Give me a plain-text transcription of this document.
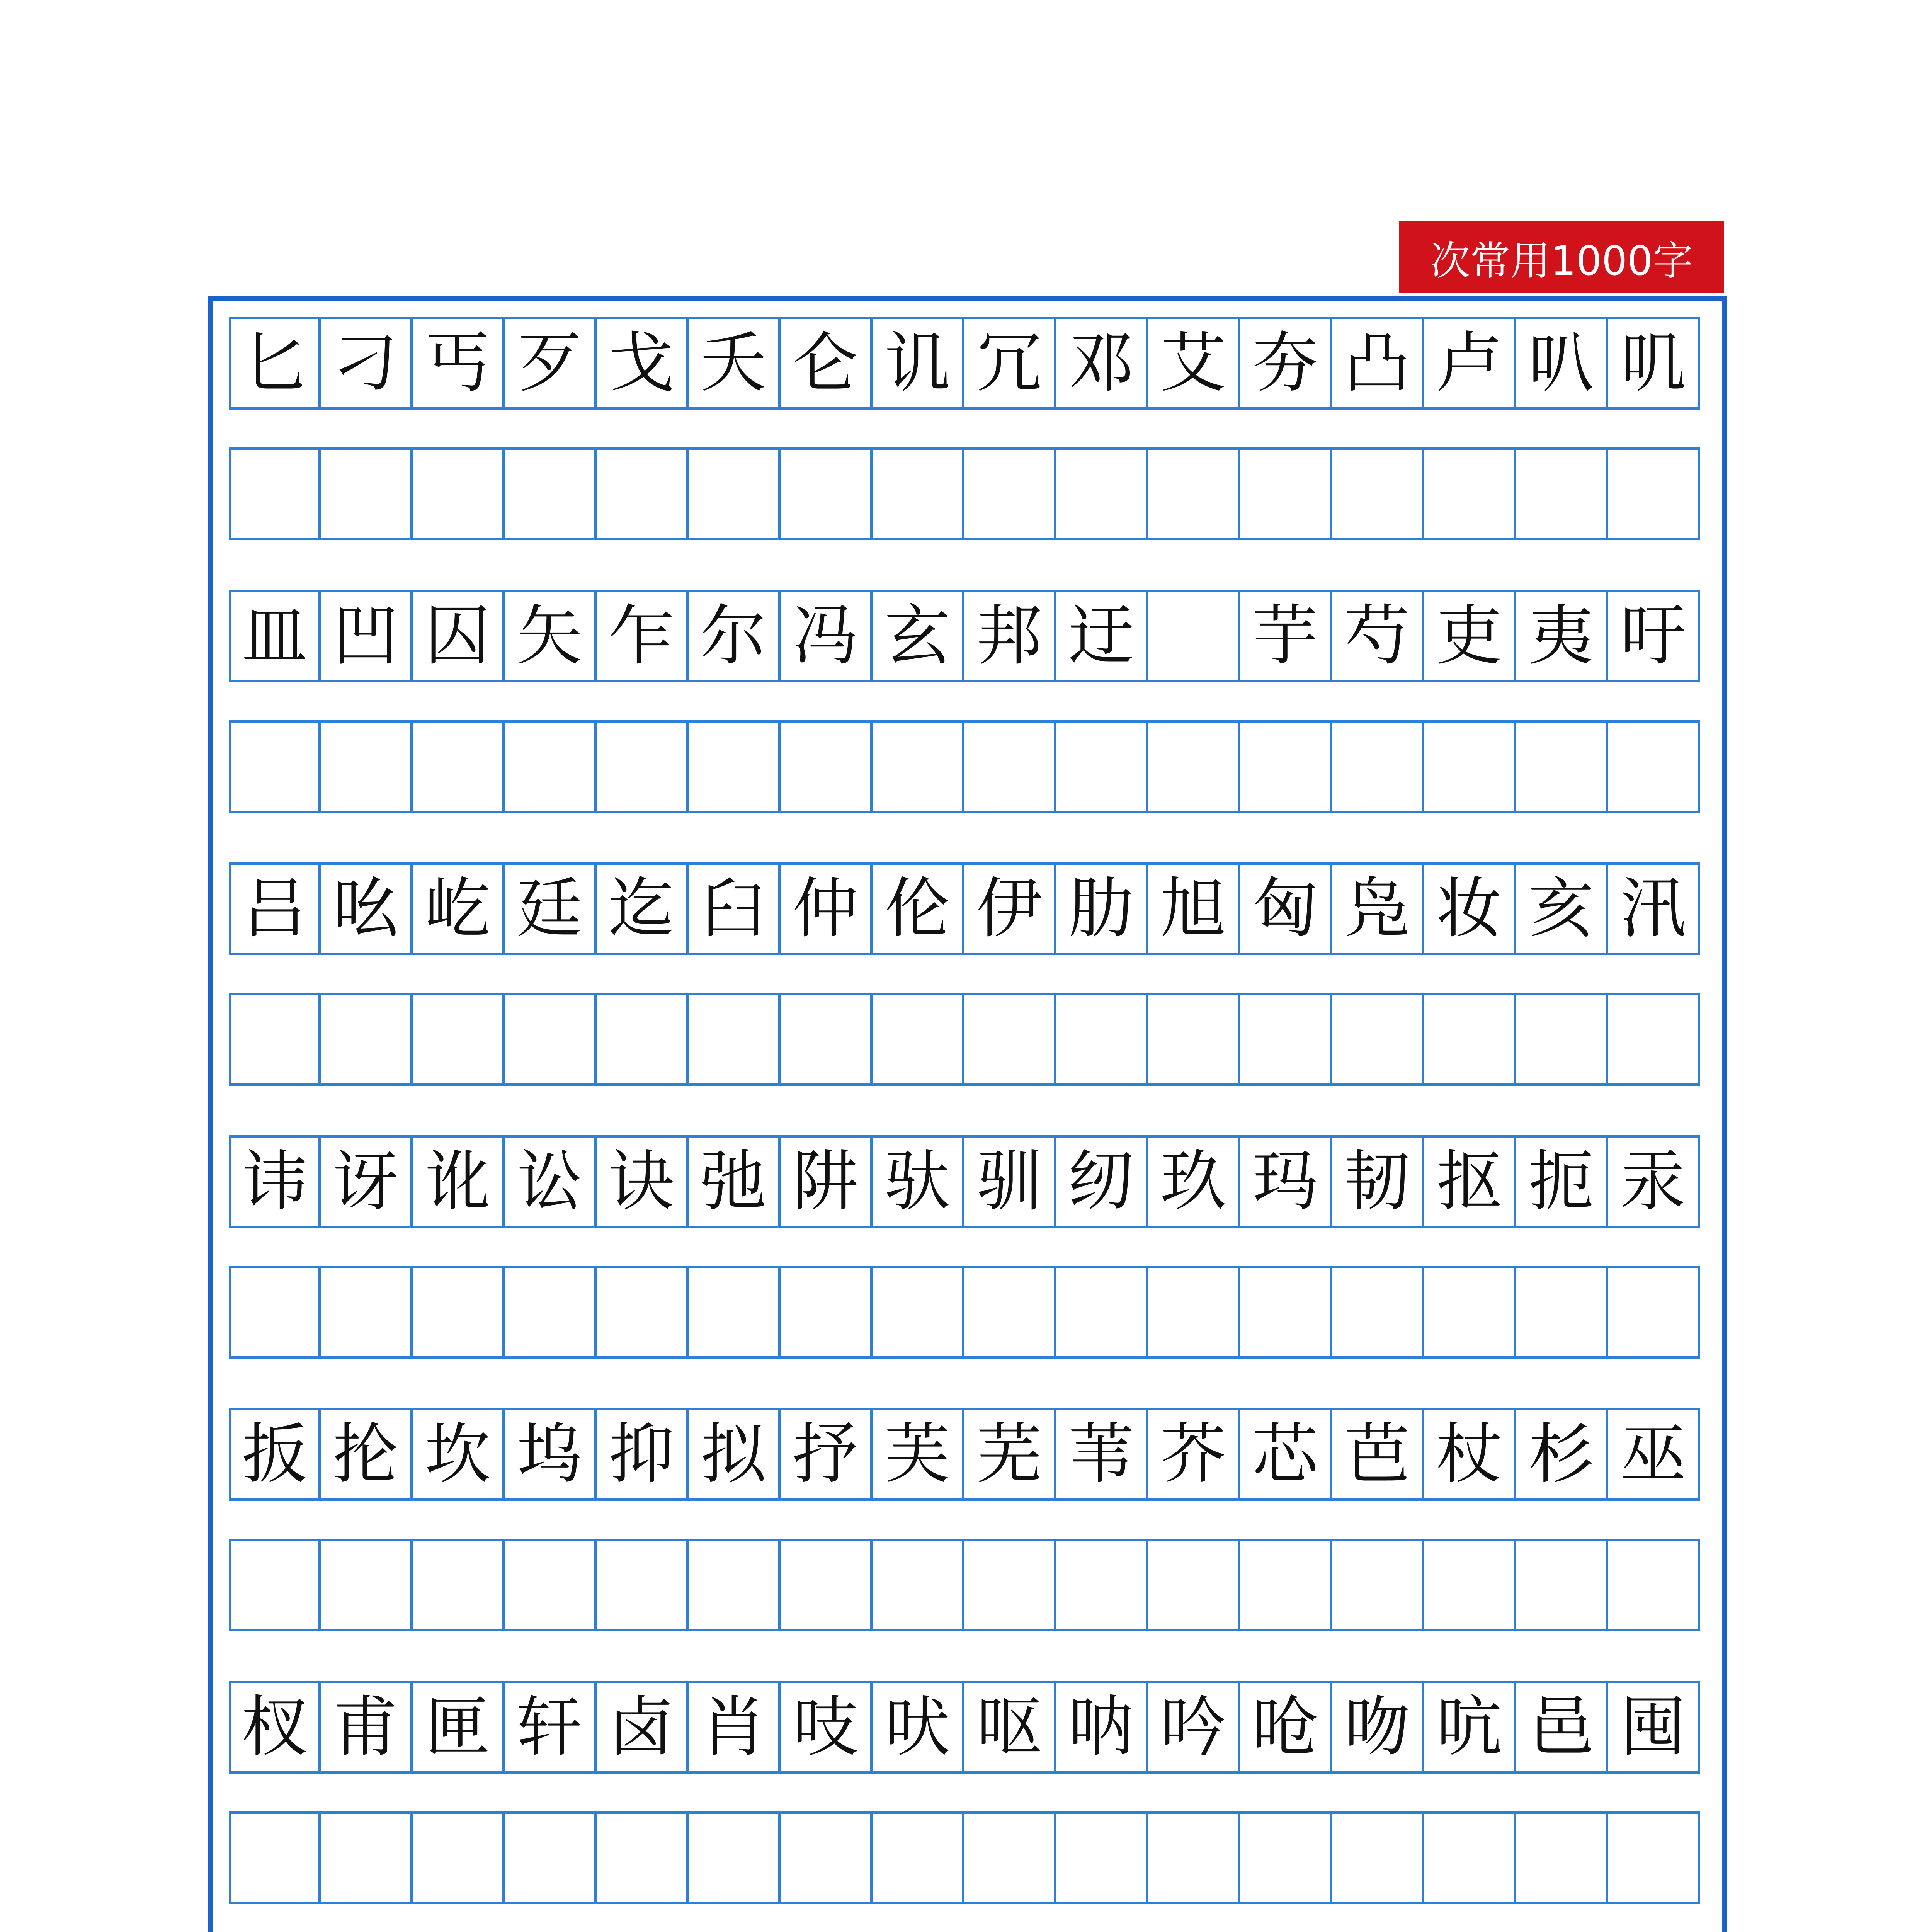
次常用1000字
匕 刁 丐 歹 戈 夭 仑 讥 冗 邓 艾 夯 凸 卢 叭 叽
皿 凹 囚 矢 乍 尔 冯 玄 邦 迂 芋 芍 吏 夷 吁
吕 吆 屹 廷 迄 臼 仲 伦 伊 肋 旭 匈 凫 妆 亥 汛
讳 讶 讹 讼 诀 弛 阱 驮 驯 纫 玖 玛 韧 抠 扼 汞
扳 抡 坎 坞 抑 拟 抒 芙 芜 苇 芥 芯 芭 杖 杉 巫
杈 甫 匣 轩 卤 肖 吱 吠 呕 呐 吟 呛 吻 吭 邑 囤
